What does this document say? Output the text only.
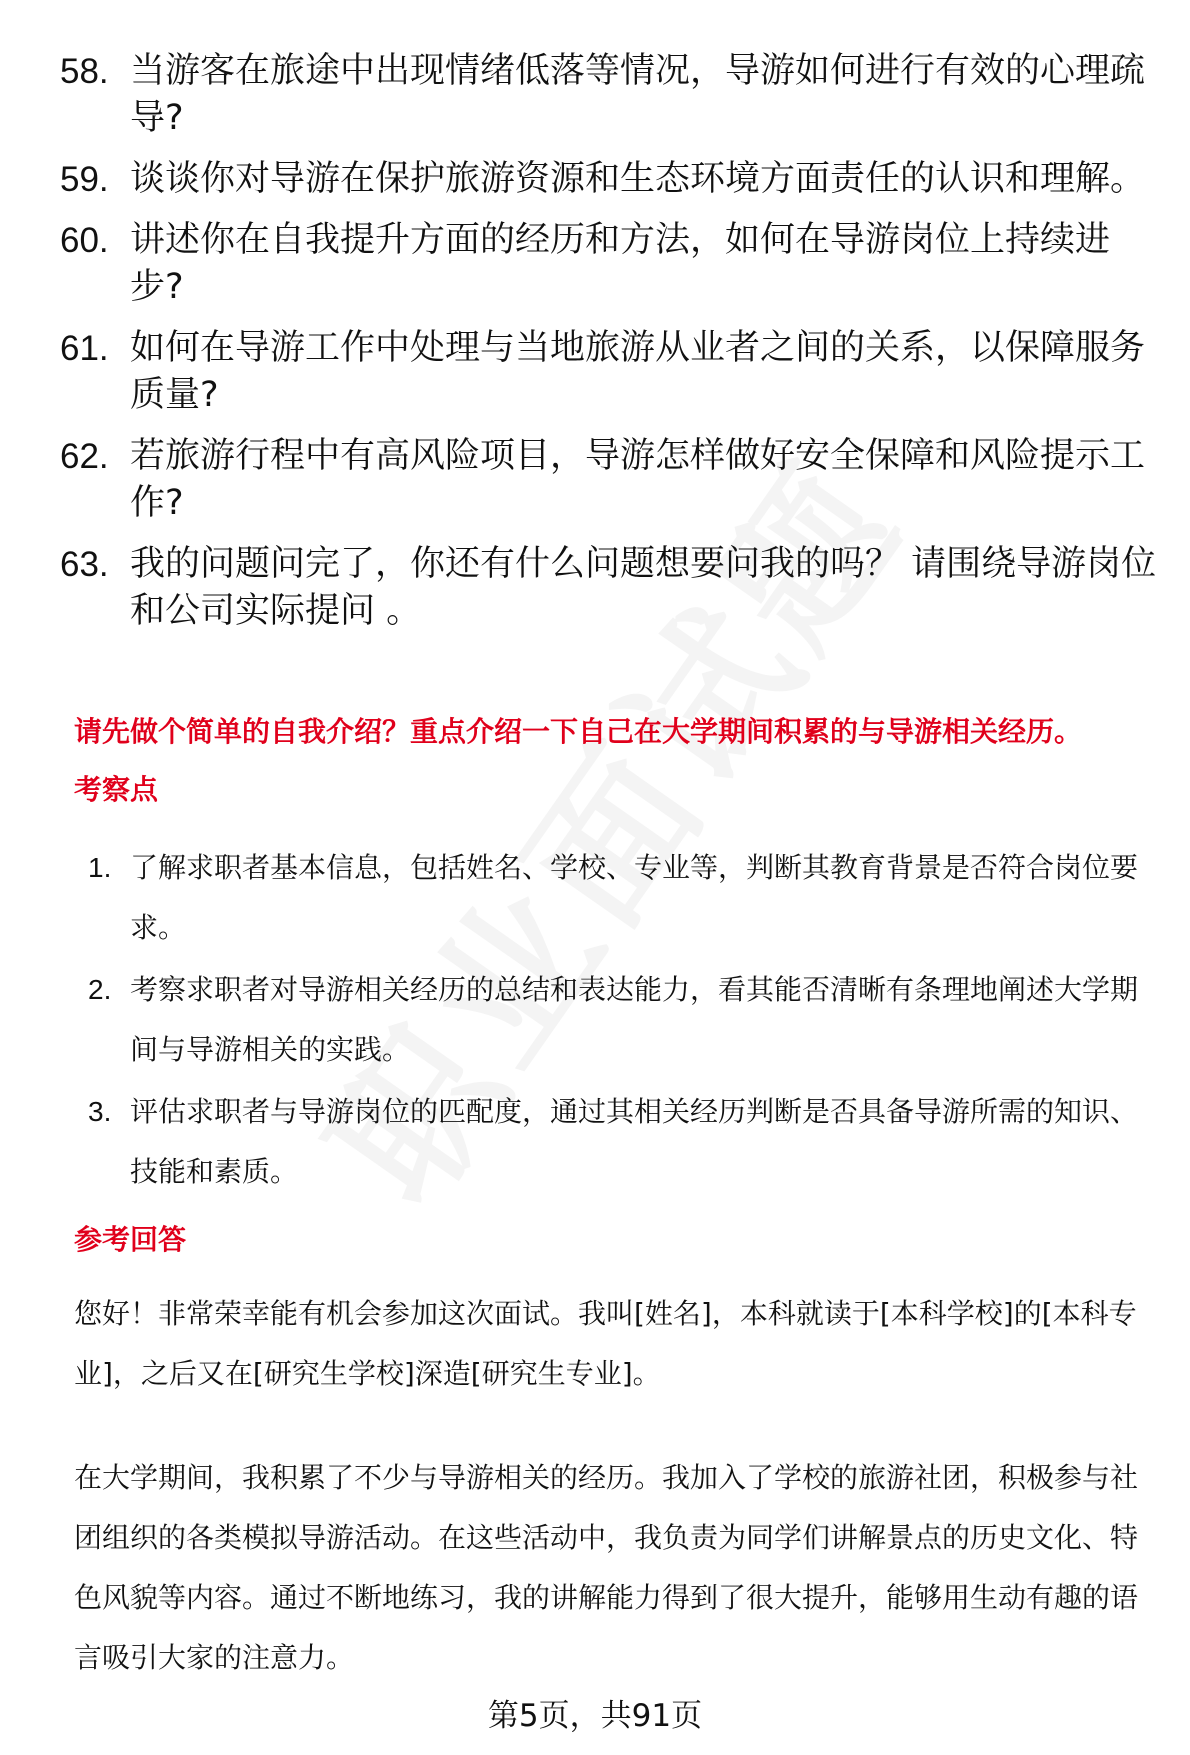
58. 当游客在旅途中出现情绪低落等情况，导游如何进行有效的心理疏导?
59. 谈谈你对导游在保护旅游资源和生态环境方面责任的认识和理解。
60. 讲述你在自我提升方面的经历和方法，如何在导游岗位上持续进步?
61. 如何在导游工作中处理与当地旅游从业者之间的关系，以保障服务质量?
62. 若旅游行程中有高风险项目，导游怎样做好安全保障和风险提示工作?
63. 我的问题问完了，你还有什么问题想要问我的吗？ 请围绕导游岗位和公司实际提问 。
请先做个简单的自我介绍？重点介绍一下自己在大学期间积累的与导游相关经历。
考察点
1. 了解求职者基本信息，包括姓名、学校、专业等，判断其教育背景是否符合岗位要求。
2. 考察求职者对导游相关经历的总结和表达能力，看其能否清晰有条理地阐述大学期间与导游相关的实践。
3. 评估求职者与导游岗位的匹配度，通过其相关经历判断是否具备导游所需的知识、技能和素质。
参考回答
您好！非常荣幸能有机会参加这次面试。我叫[姓名]，本科就读于[本科学校]的[本科专业]，之后又在[研究生学校]深造[研究生专业]。
在大学期间，我积累了不少与导游相关的经历。我加入了学校的旅游社团，积极参与社团组织的各类模拟导游活动。在这些活动中，我负责为同学们讲解景点的历史文化、特色风貌等内容。通过不断地练习，我的讲解能力得到了很大提升，能够用生动有趣的语言吸引大家的注意力。
第5页，共91页
